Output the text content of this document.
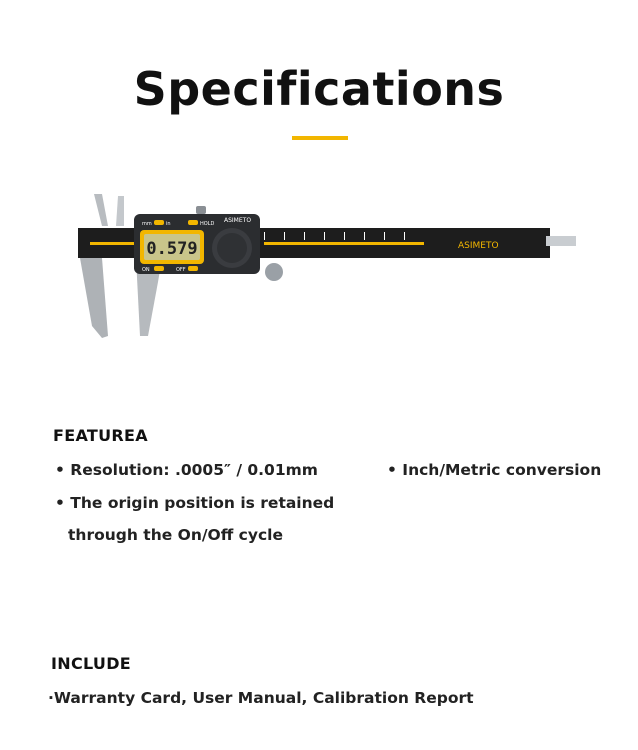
Specifications
0.579
mm	in	HOLD
ON	OFF
ASIMETO
ASIMETO
FEATUREA
• Resolution: .0005″ / 0.01mm	• Inch/Metric conversion
• The origin position is retained
through the On/Off cycle
INCLUDE
·Warranty Card, User Manual, Calibration Report
